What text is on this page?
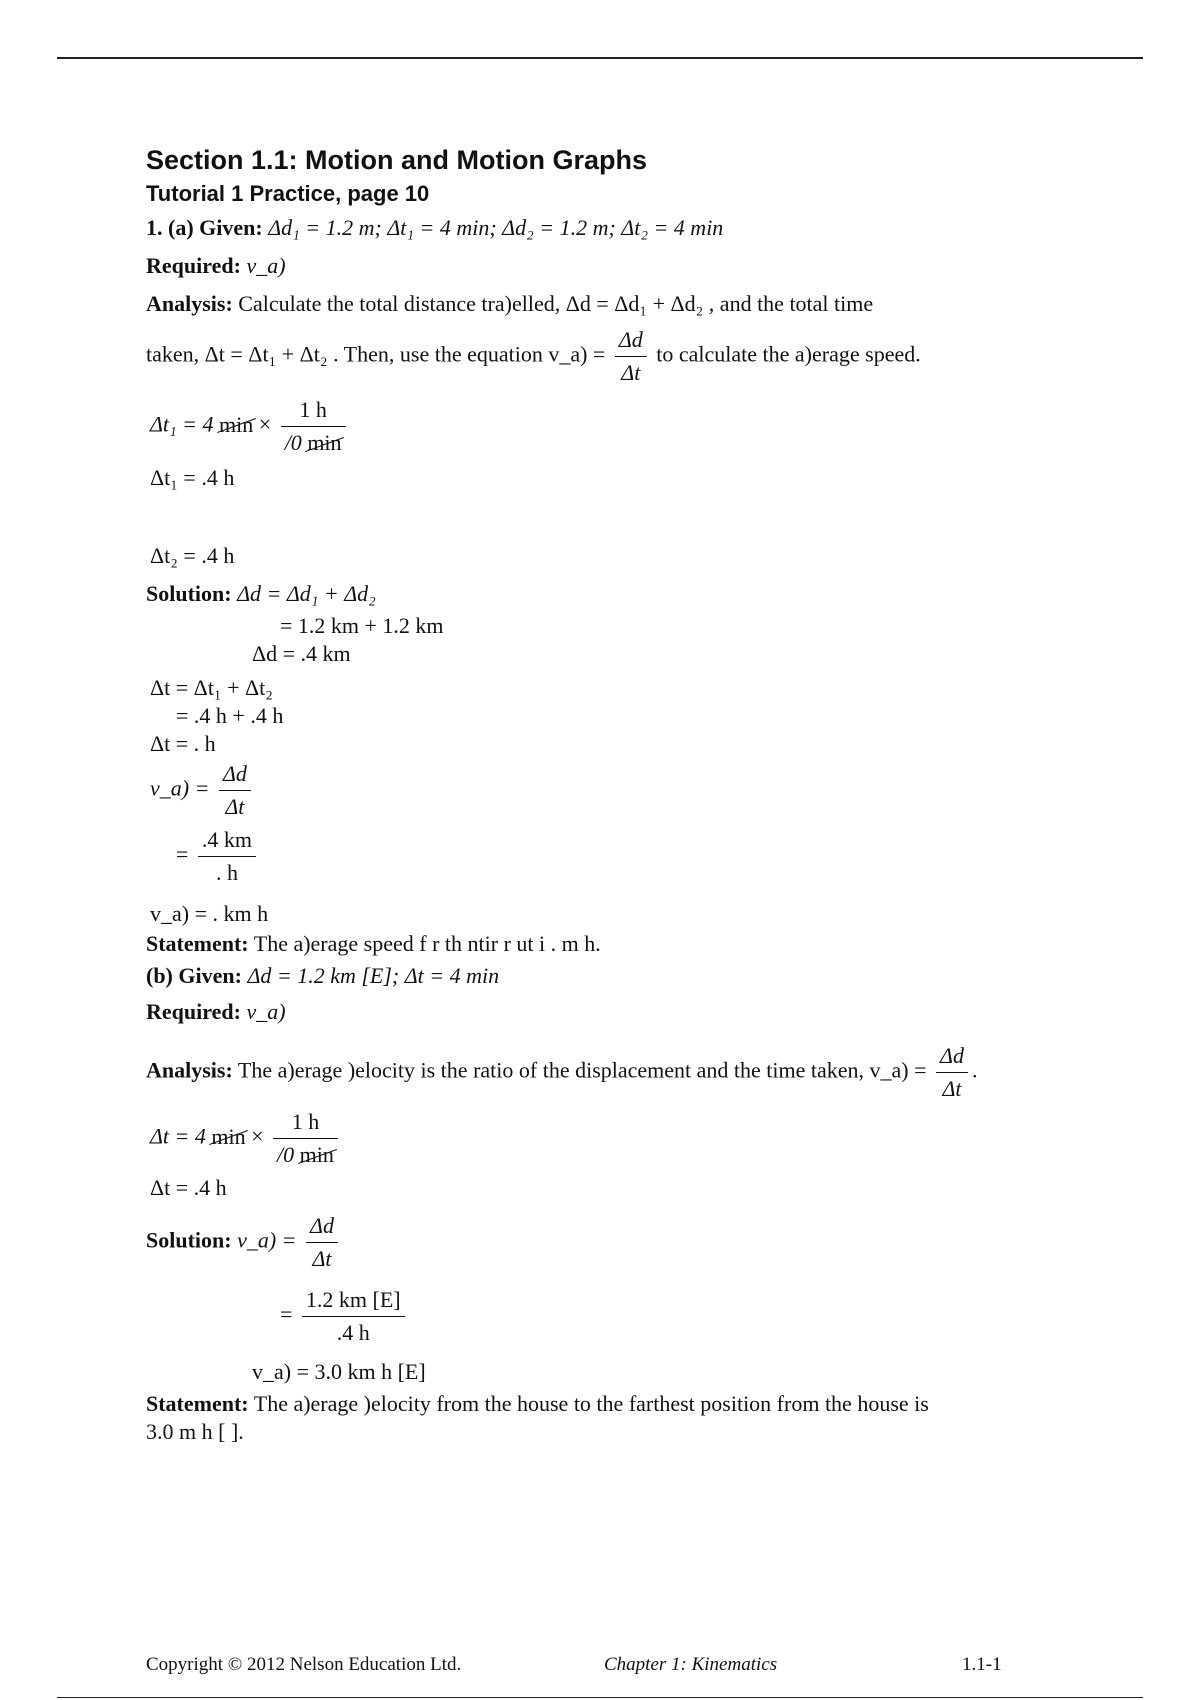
Section 1.1: Motion and Motion Graphs
Tutorial 1 Practice, page 10
1. (a) Given: Δd₁ = 1.2 m; Δt₁ = 4 min; Δd₂ = 1.2 m; Δt₂ = 4 min
Required: v_a)
Analysis: Calculate the total distance tra)elled, Δd = Δd₁ + Δd₂ , and the total time
taken, Δt = Δt₁ + Δt₂ . Then, use the equation v_a) = $\frac{\Delta d}{\Delta t}$ to calculate the a)erage speed.
Δt₁ = 4 $\min \times \frac{1 h}{/0 \min}$
Δt₁ = .4 h
Δt₂ = .4 h
Solution: Δd = Δd₁ + Δd₂
= 1.2 km + 1.2 km
Δd = .4 km
Δt = Δt₁ + Δt₂
= .4 h + .4 h
Δt = . h
v_a) = $\frac{\Delta d}{\Delta t}$
= $\frac{.4 km}{. h}$
v_a) = . km h
Statement: The a)erage speed f r th ntir r ut i . m h.
(b) Given: Δd = 1.2 km [E]; Δt = 4 min
Required: v_a)
Analysis: The a)erage )elocity is the ratio of the displacement and the time taken, v_a) = $\frac{\Delta d}{\Delta t}$ .
Δt = 4 $\min \times \frac{1 h}{/0 \min}$
Δt = .4 h
Solution: v_a) = $\frac{\Delta d}{\Delta t}$
= $\frac{1.2 km [E]}{.4 h}$
v_a) = 3.0 km h [E]
Statement: The a)erage )elocity from the house to the farthest position from the house is
3.0 m h [ ].
Copyright © 2012 Nelson Education Ltd.	Chapter 1: Kinematics	1.1-1
